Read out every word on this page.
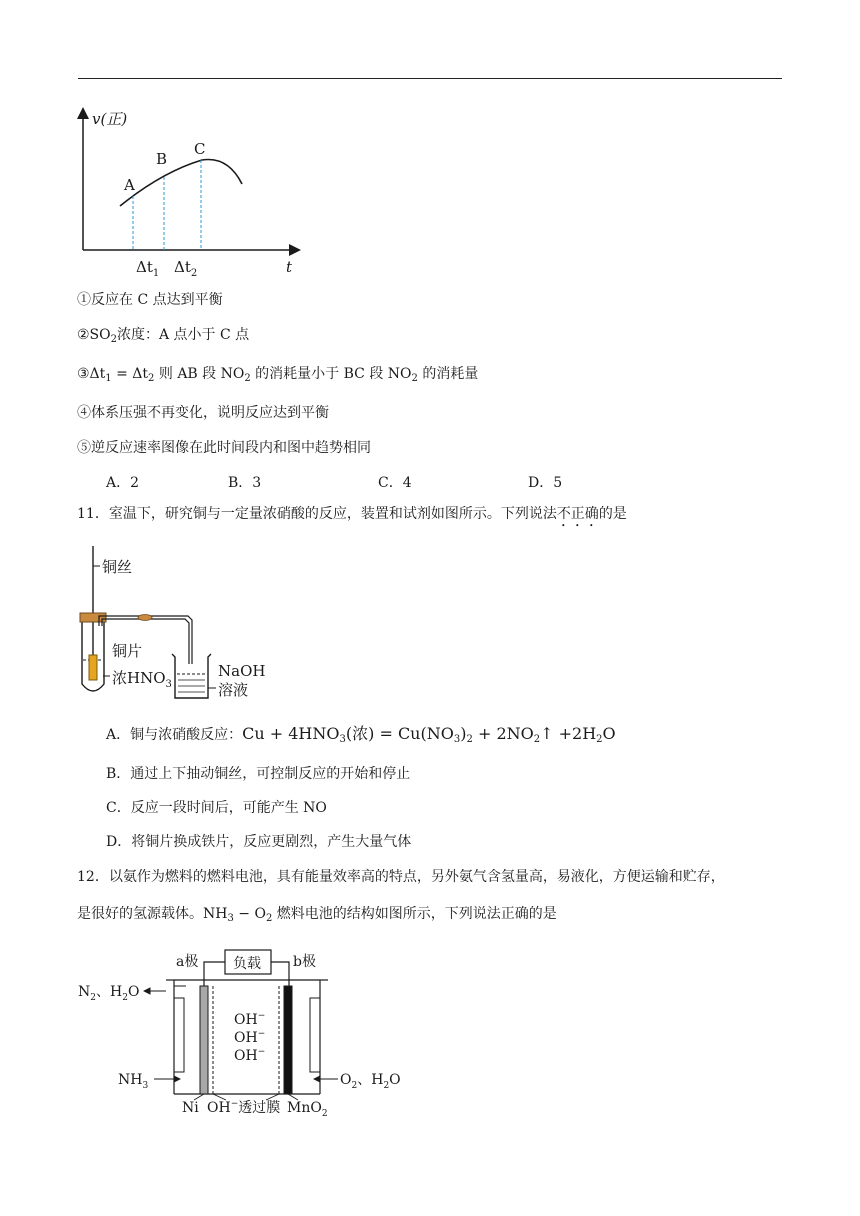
v(正)
A
B
C
$\Delta t_1$ $\Delta t_2$	t
①反应在 C 点达到平衡
$②SO_2$浓度：A 点小于 C 点
$③\Delta t_1 = \Delta t_2$ 则 AB 段 $NO_2$ 的消耗量小于 BC 段 $NO_2$ 的消耗量
④体系压强不再变化，说明反应达到平衡
⑤逆反应速率图像在此时间段内和图中趋势相同
A．2	B．3	C．4	D．5
11．室温下，研究铜与一定量浓硝酸的反应，装置和试剂如图所示。下列说法不正确的是
铜丝
铜片
浓$HNO_3$
NaOH
溶液
A．铜与浓硝酸反应：$Cu + 4HNO_3$(浓) = $Cu(NO_3)_2$ + $2NO_2↑ +2H_2O$
B．通过上下抽动铜丝，可控制反应的开始和停止
C．反应一段时间后，可能产生 NO
D．将铜片换成铁片，反应更剧烈，产生大量气体
12．以氨作为燃料的燃料电池，具有能量效率高的特点，另外氨气含氢量高，易液化，方便运输和贮存，
是很好的氢源载体。$NH_3 - O_2$ 燃料电池的结构如图所示，下列说法正确的是
a极	b极
负载
OH−
OH−
OH−
$N_2$、$H_2O$
$NH_3$	$O_2$、$H_2O$
Ni OH−透过膜 MnO$_2$
